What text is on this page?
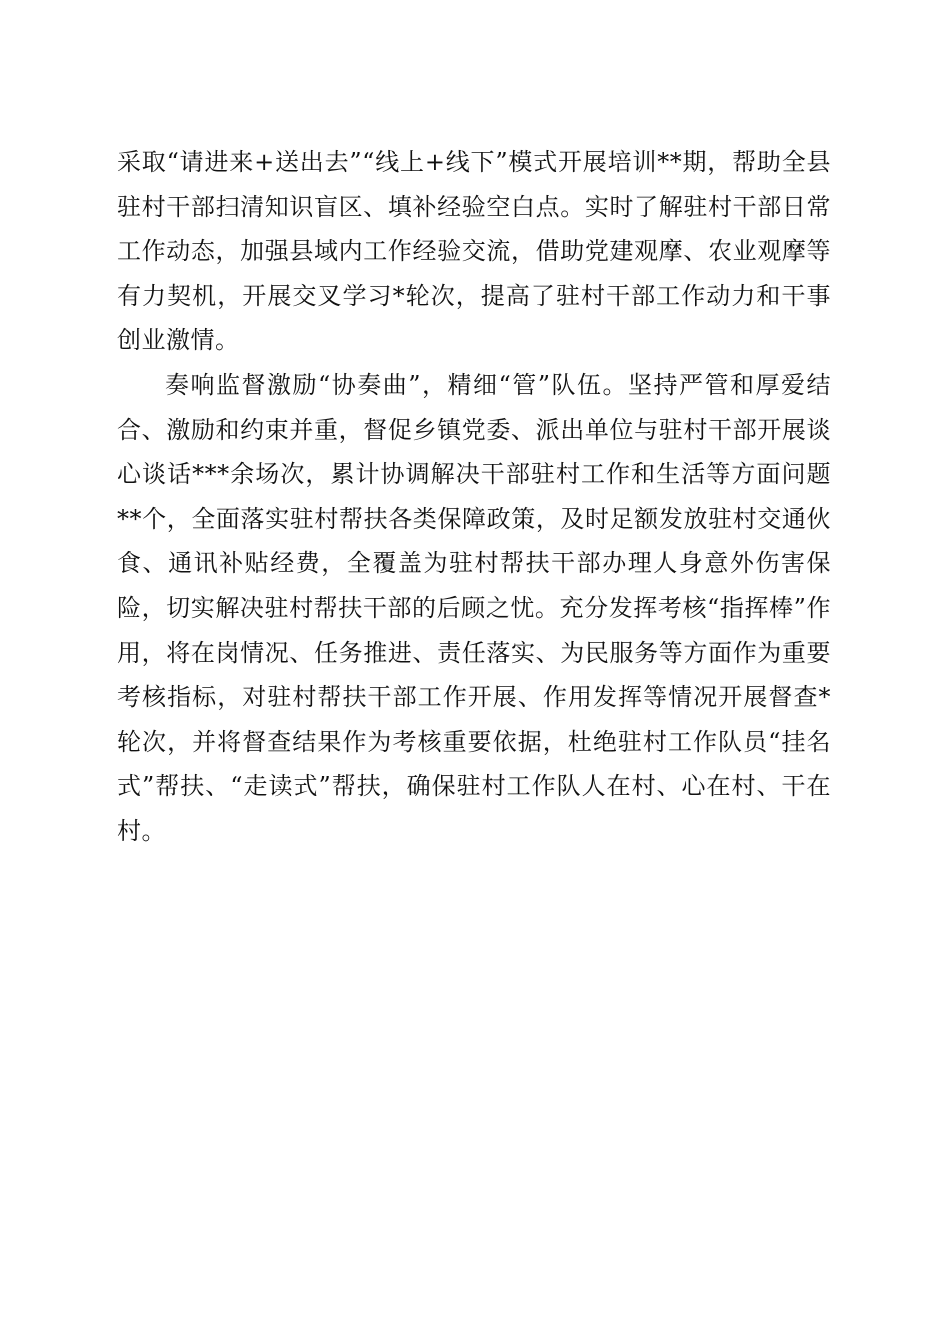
采取“请进来+送出去”“线上+线下”模式开展培训**期，帮助全县驻村干部扫清知识盲区、填补经验空白点。实时了解驻村干部日常工作动态，加强县域内工作经验交流，借助党建观摩、农业观摩等有力契机，开展交叉学习*轮次，提高了驻村干部工作动力和干事创业激情。

奏响监督激励“协奏曲”，精细“管”队伍。坚持严管和厚爱结合、激励和约束并重，督促乡镇党委、派出单位与驻村干部开展谈心谈话***余场次，累计协调解决干部驻村工作和生活等方面问题**个，全面落实驻村帮扶各类保障政策，及时足额发放驻村交通伙食、通讯补贴经费，全覆盖为驻村帮扶干部办理人身意外伤害保险，切实解决驻村帮扶干部的后顾之忧。充分发挥考核“指挥棒”作用，将在岗情况、任务推进、责任落实、为民服务等方面作为重要考核指标，对驻村帮扶干部工作开展、作用发挥等情况开展督查*轮次，并将督查结果作为考核重要依据，杜绝驻村工作队员“挂名式”帮扶、“走读式”帮扶，确保驻村工作队人在村、心在村、干在村。
